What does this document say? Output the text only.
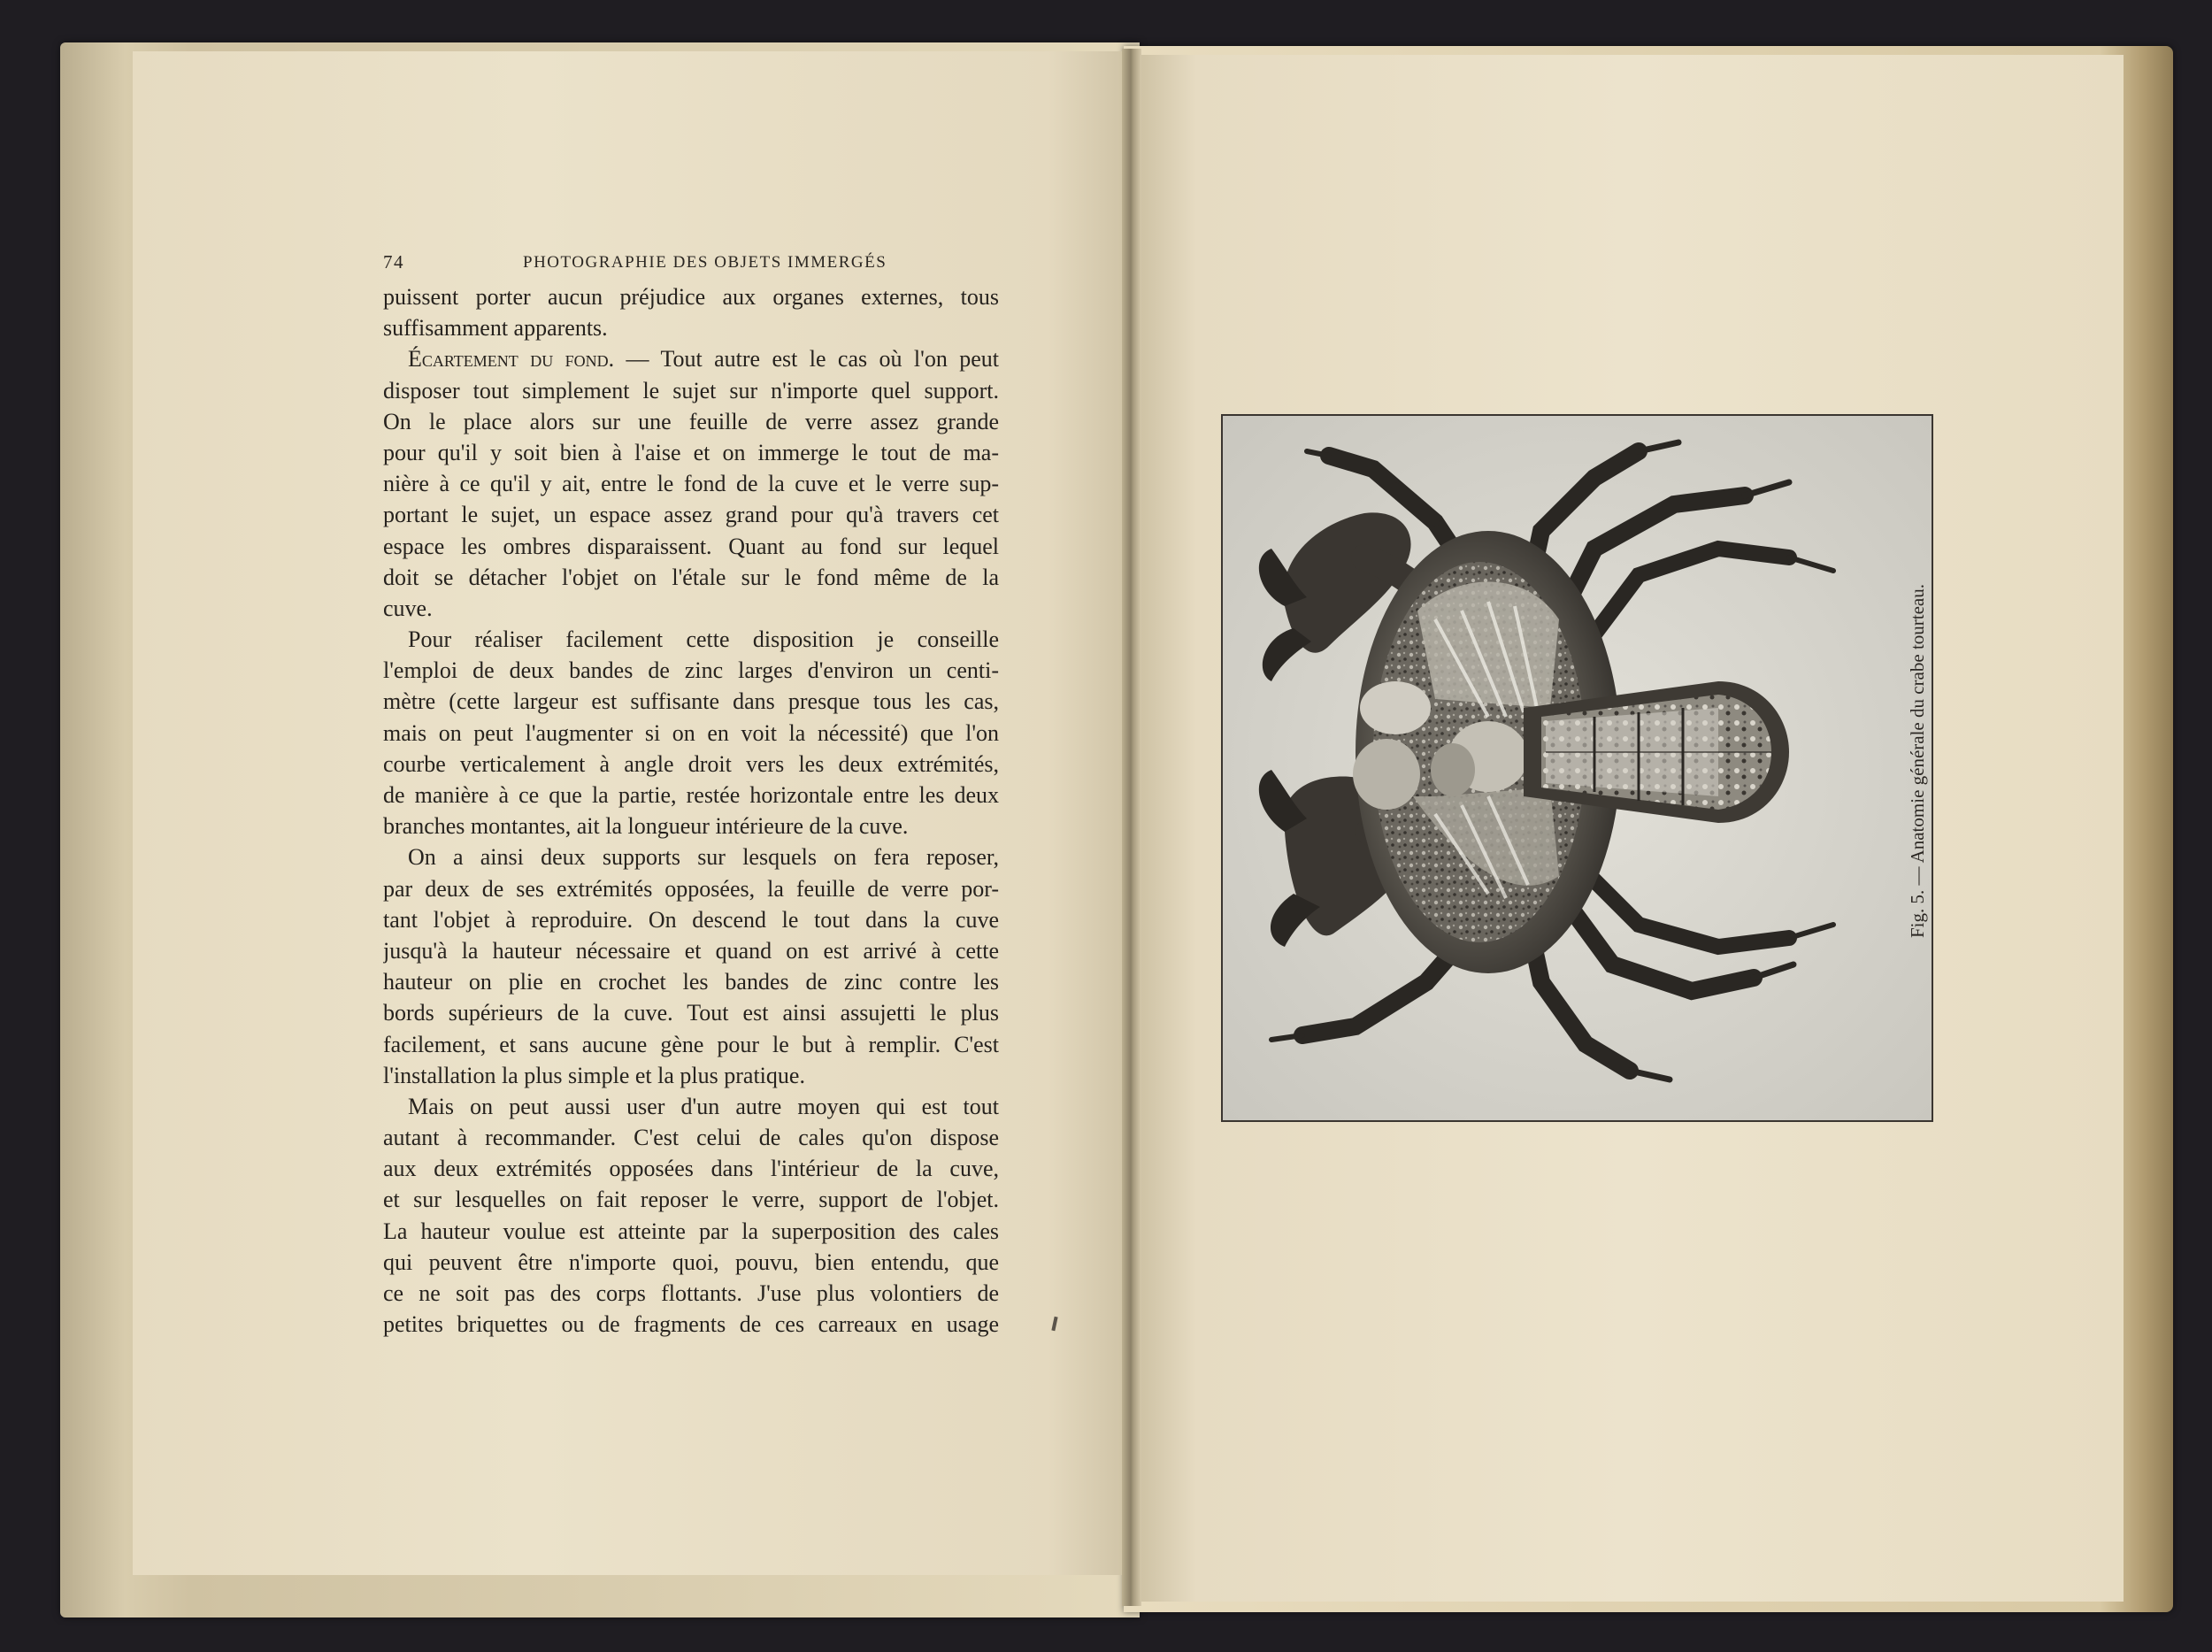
74	PHOTOGRAPHIE DES OBJETS IMMERGÉS
puissent porter aucun préjudice aux organes externes, tous
suffisamment apparents.
Écartement du fond. — Tout autre est le cas où l'on peut
disposer tout simplement le sujet sur n'importe quel support.
On le place alors sur une feuille de verre assez grande
pour qu'il y soit bien à l'aise et on immerge le tout de ma-
nière à ce qu'il y ait, entre le fond de la cuve et le verre sup-
portant le sujet, un espace assez grand pour qu'à travers cet
espace les ombres disparaissent. Quant au fond sur lequel
doit se détacher l'objet on l'étale sur le fond même de la
cuve.
Pour réaliser facilement cette disposition je conseille
l'emploi de deux bandes de zinc larges d'environ un centi-
mètre (cette largeur est suffisante dans presque tous les cas,
mais on peut l'augmenter si on en voit la nécessité) que l'on
courbe verticalement à angle droit vers les deux extrémités,
de manière à ce que la partie, restée horizontale entre les deux
branches montantes, ait la longueur intérieure de la cuve.
On a ainsi deux supports sur lesquels on fera reposer,
par deux de ses extrémités opposées, la feuille de verre por-
tant l'objet à reproduire. On descend le tout dans la cuve
jusqu'à la hauteur nécessaire et quand on est arrivé à cette
hauteur on plie en crochet les bandes de zinc contre les
bords supérieurs de la cuve. Tout est ainsi assujetti le plus
facilement, et sans aucune gène pour le but à remplir. C'est
l'installation la plus simple et la plus pratique.
Mais on peut aussi user d'un autre moyen qui est tout
autant à recommander. C'est celui de cales qu'on dispose
aux deux extrémités opposées dans l'intérieur de la cuve,
et sur lesquelles on fait reposer le verre, support de l'objet.
La hauteur voulue est atteinte par la superposition des cales
qui peuvent être n'importe quoi, pouvu, bien entendu, que
ce ne soit pas des corps flottants. J'use plus volontiers de
petites briquettes ou de fragments de ces carreaux en usage
Fig. 5. — Anatomie générale du crabe tourteau.
